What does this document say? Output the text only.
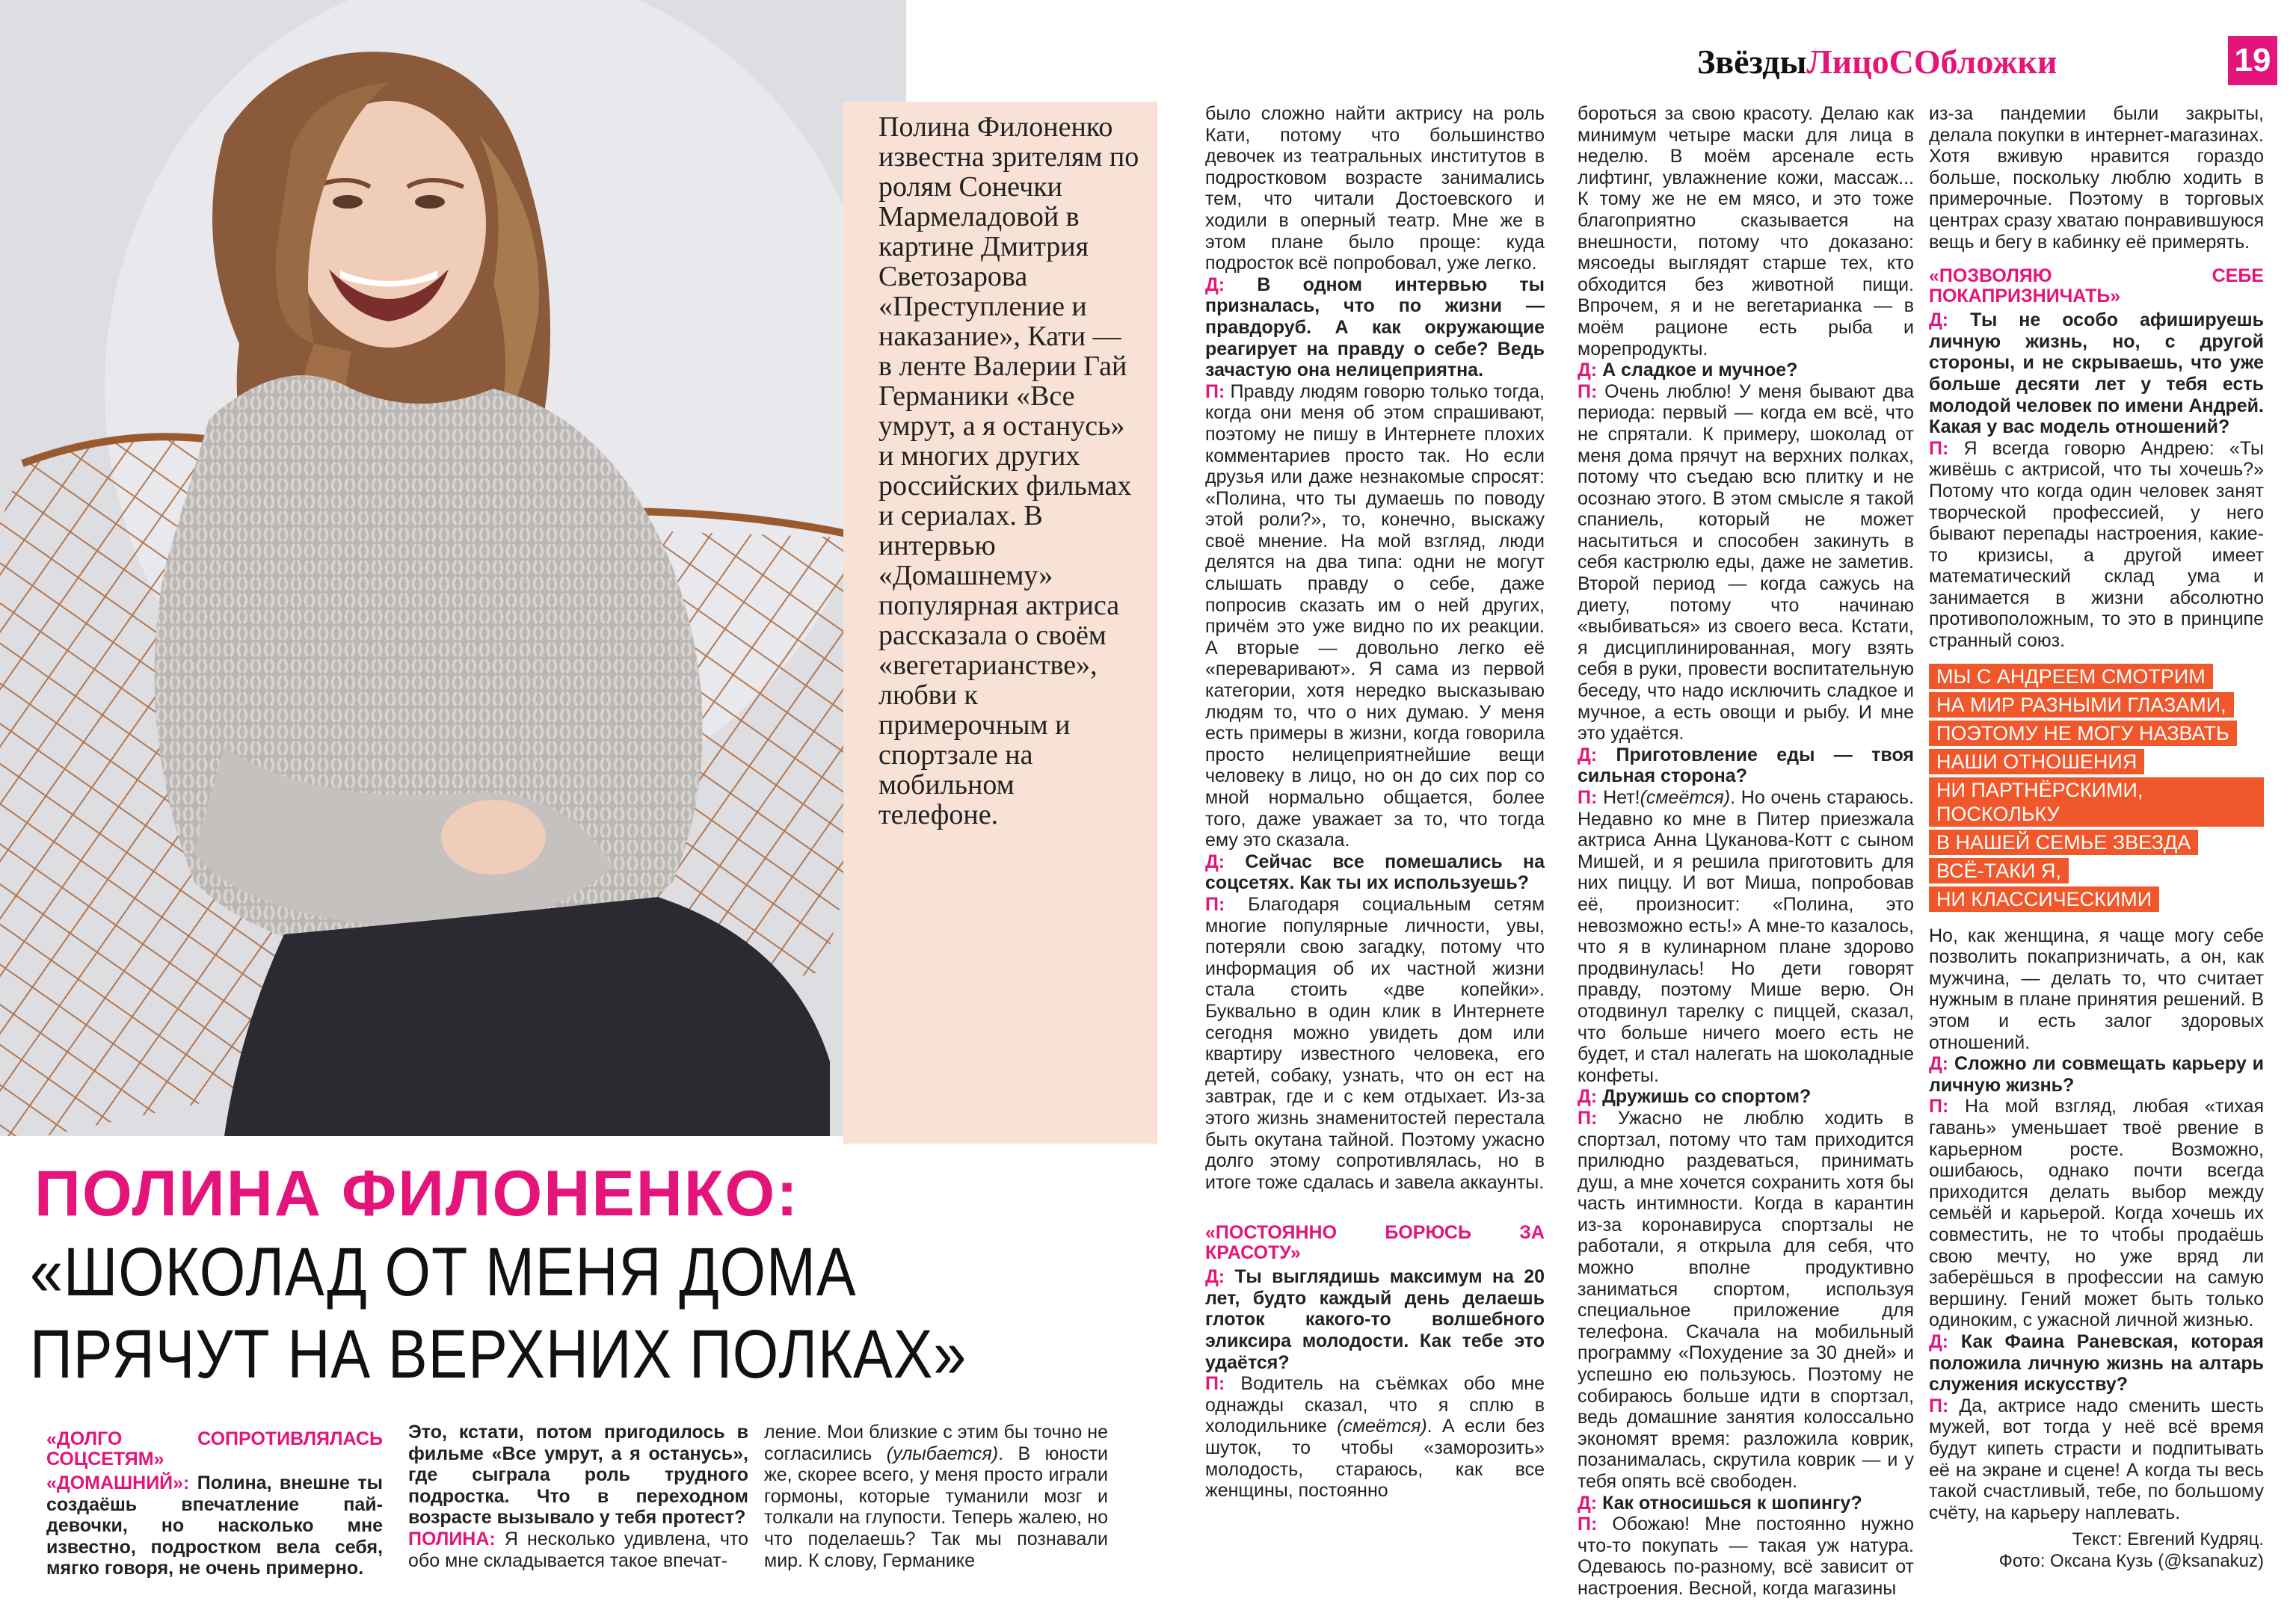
19
ЗвёздыЛицоСОбложки

Полина Филоненко известна зрителям по ролям Сонечки Мармеладовой в картине Дмитрия Светозарова «Преступление и наказание», Кати — в ленте Валерии Гай Германики «Все умрут, а я останусь» и многих других российских фильмах и сериалах. В интервью «Домашнему» популярная актриса рассказала о своём «вегетарианстве», любви к примерочным и спортзале на мобильном телефоне.

ПОЛИНА ФИЛОНЕНКО:
«ШОКОЛАД ОТ МЕНЯ ДОМА
ПРЯЧУТ НА ВЕРХНИХ ПОЛКАХ»

«ДОЛГО СОПРОТИВЛЯЛАСЬ СОЦСЕТЯМ»

«ДОМАШНИЙ»: Полина, внешне ты создаёшь впечатление пай-девочки, но насколько мне известно, подростком вела себя, мягко говоря, не очень примерно.

Это, кстати, потом пригодилось в фильме «Все умрут, а я останусь», где сыграла роль трудного подростка. Что в переходном возрасте вызывало у тебя протест?

ПОЛИНА: Я несколько удивлена, что обо мне складывается такое впечат-

ление. Мои близкие с этим бы точно не согласились (улыбается). В юности же, скорее всего, у меня просто играли гормоны, которые туманили мозг и толкали на глупости. Теперь жалею, но что поделаешь? Так мы познавали мир. К слову, Германике

было сложно найти актрису на роль Кати, потому что большинство девочек из театральных институтов в подростковом возрасте занимались тем, что читали Достоевского и ходили в оперный театр. Мне же в этом плане было проще: куда подросток всё попробовал, уже легко.

Д: В одном интервью ты призналась, что по жизни — правдоруб. А как окружающие реагирует на правду о себе? Ведь зачастую она нелицеприятна.

П: Правду людям говорю только тогда, когда они меня об этом спрашивают, поэтому не пишу в Интернете плохих комментариев просто так. Но если друзья или даже незнакомые спросят: «Полина, что ты думаешь по поводу этой роли?», то, конечно, выскажу своё мнение. На мой взгляд, люди делятся на два типа: одни не могут слышать правду о себе, даже попросив сказать им о ней других, причём это уже видно по их реакции. А вторые — довольно легко её «переваривают». Я сама из первой категории, хотя нередко высказываю людям то, что о них думаю. У меня есть примеры в жизни, когда говорила просто нелицеприятнейшие вещи человеку в лицо, но он до сих пор со мной нормально общается, более того, даже уважает за то, что тогда ему это сказала.

Д: Сейчас все помешались на соцсетях. Как ты их используешь?

П: Благодаря социальным сетям многие популярные личности, увы, потеряли свою загадку, потому что информация об их частной жизни стала стоить «две копейки». Буквально в один клик в Интернете сегодня можно увидеть дом или квартиру известного человека, его детей, собаку, узнать, что он ест на завтрак, где и с кем отдыхает. Из-за этого жизнь знаменитостей перестала быть окутана тайной. Поэтому ужасно долго этому сопротивлялась, но в итоге тоже сдалась и завела аккаунты.

«ПОСТОЯННО БОРЮСЬ ЗА КРАСОТУ»

Д: Ты выглядишь максимум на 20 лет, будто каждый день делаешь глоток какого-то волшебного эликсира молодости. Как тебе это удаётся?

П: Водитель на съёмках обо мне однажды сказал, что я сплю в холодильнике (смеётся). А если без шуток, то чтобы «заморозить» молодость, стараюсь, как все женщины, постоянно

бороться за свою красоту. Делаю как минимум четыре маски для лица в неделю. В моём арсенале есть лифтинг, увлажнение кожи, массаж... К тому же не ем мясо, и это тоже благоприятно сказывается на внешности, потому что доказано: мясоеды выглядят старше тех, кто обходится без животной пищи. Впрочем, я и не вегетарианка — в моём рационе есть рыба и морепродукты.

Д: А сладкое и мучное?

П: Очень люблю! У меня бывают два периода: первый — когда ем всё, что не спрятали. К примеру, шоколад от меня дома прячут на верхних полках, потому что съедаю всю плитку и не осознаю этого. В этом смысле я такой спаниель, который не может насытиться и способен закинуть в себя кастрюлю еды, даже не заметив. Второй период — когда сажусь на диету, потому что начинаю «выбиваться» из своего веса. Кстати, я дисциплинированная, могу взять себя в руки, провести воспитательную беседу, что надо исключить сладкое и мучное, а есть овощи и рыбу. И мне это удаётся.

Д: Приготовление еды — твоя сильная сторона?

П: Нет!(смеётся). Но очень стараюсь. Недавно ко мне в Питер приезжала актриса Анна Цуканова-Котт с сыном Мишей, и я решила приготовить для них пиццу. И вот Миша, попробовав её, произносит: «Полина, это невозможно есть!» А мне-то казалось, что я в кулинарном плане здорово продвинулась! Но дети говорят правду, поэтому Мише верю. Он отодвинул тарелку с пиццей, сказал, что больше ничего моего есть не будет, и стал налегать на шоколадные конфеты.

Д: Дружишь со спортом?

П: Ужасно не люблю ходить в спортзал, потому что там приходится прилюдно раздеваться, принимать душ, а мне хочется сохранить хотя бы часть интимности. Когда в карантин из-за коронавируса спортзалы не работали, я открыла для себя, что можно вполне продуктивно заниматься спортом, используя специальное приложение для телефона. Скачала на мобильный программу «Похудение за 30 дней» и успешно ею пользуюсь. Поэтому не собираюсь больше идти в спортзал, ведь домашние занятия колоссально экономят время: разложила коврик, позанималась, скрутила коврик — и у тебя опять всё свободен.

Д: Как относишься к шопингу?

П: Обожаю! Мне постоянно нужно что-то покупать — такая уж натура. Одеваюсь по-разному, всё зависит от настроения. Весной, когда магазины

из-за пандемии были закрыты, делала покупки в интернет-магазинах. Хотя вживую нравится гораздо больше, поскольку люблю ходить в примерочные. Поэтому в торговых центрах сразу хватаю понравившуюся вещь и бегу в кабинку её примерять.

«ПОЗВОЛЯЮ СЕБЕ ПОКАПРИЗНИЧАТЬ»

Д: Ты не особо афишируешь личную жизнь, но, с другой стороны, и не скрываешь, что уже больше десяти лет у тебя есть молодой человек по имени Андрей. Какая у вас модель отношений?

П: Я всегда говорю Андрею: «Ты живёшь с актрисой, что ты хочешь?» Потому что когда один человек занят творческой профессией, у него бывают перепады настроения, какие-то кризисы, а другой имеет математический склад ума и занимается в жизни абсолютно противоположным, то это в принципе странный союз.

МЫ С АНДРЕЕМ СМОТРИМ
НА МИР РАЗНЫМИ ГЛАЗАМИ,
ПОЭТОМУ НЕ МОГУ НАЗВАТЬ
НАШИ ОТНОШЕНИЯ
НИ ПАРТНЁРСКИМИ, ПОСКОЛЬКУ
В НАШЕЙ СЕМЬЕ ЗВЕЗДА
ВСЁ-ТАКИ Я,
НИ КЛАССИЧЕСКИМИ

Но, как женщина, я чаще могу себе позволить покапризничать, а он, как мужчина, — делать то, что считает нужным в плане принятия решений. В этом и есть залог здоровых отношений.

Д: Сложно ли совмещать карьеру и личную жизнь?

П: На мой взгляд, любая «тихая гавань» уменьшает твоё рвение в карьерном росте. Возможно, ошибаюсь, однако почти всегда приходится делать выбор между семьёй и карьерой. Когда хочешь их совместить, не то чтобы продаёшь свою мечту, но уже вряд ли заберёшься в профессии на самую вершину. Гений может быть только одиноким, с ужасной личной жизнью.

Д: Как Фаина Раневская, которая положила личную жизнь на алтарь служения искусству?

П: Да, актрисе надо сменить шесть мужей, вот тогда у неё всё время будут кипеть страсти и подпитывать её на экране и сцене! А когда ты весь такой счастливый, тебе, по большому счёту, на карьеру наплевать.

Текст: Евгений Кудряц.

Фото: Оксана Кузь (@ksanakuz)
